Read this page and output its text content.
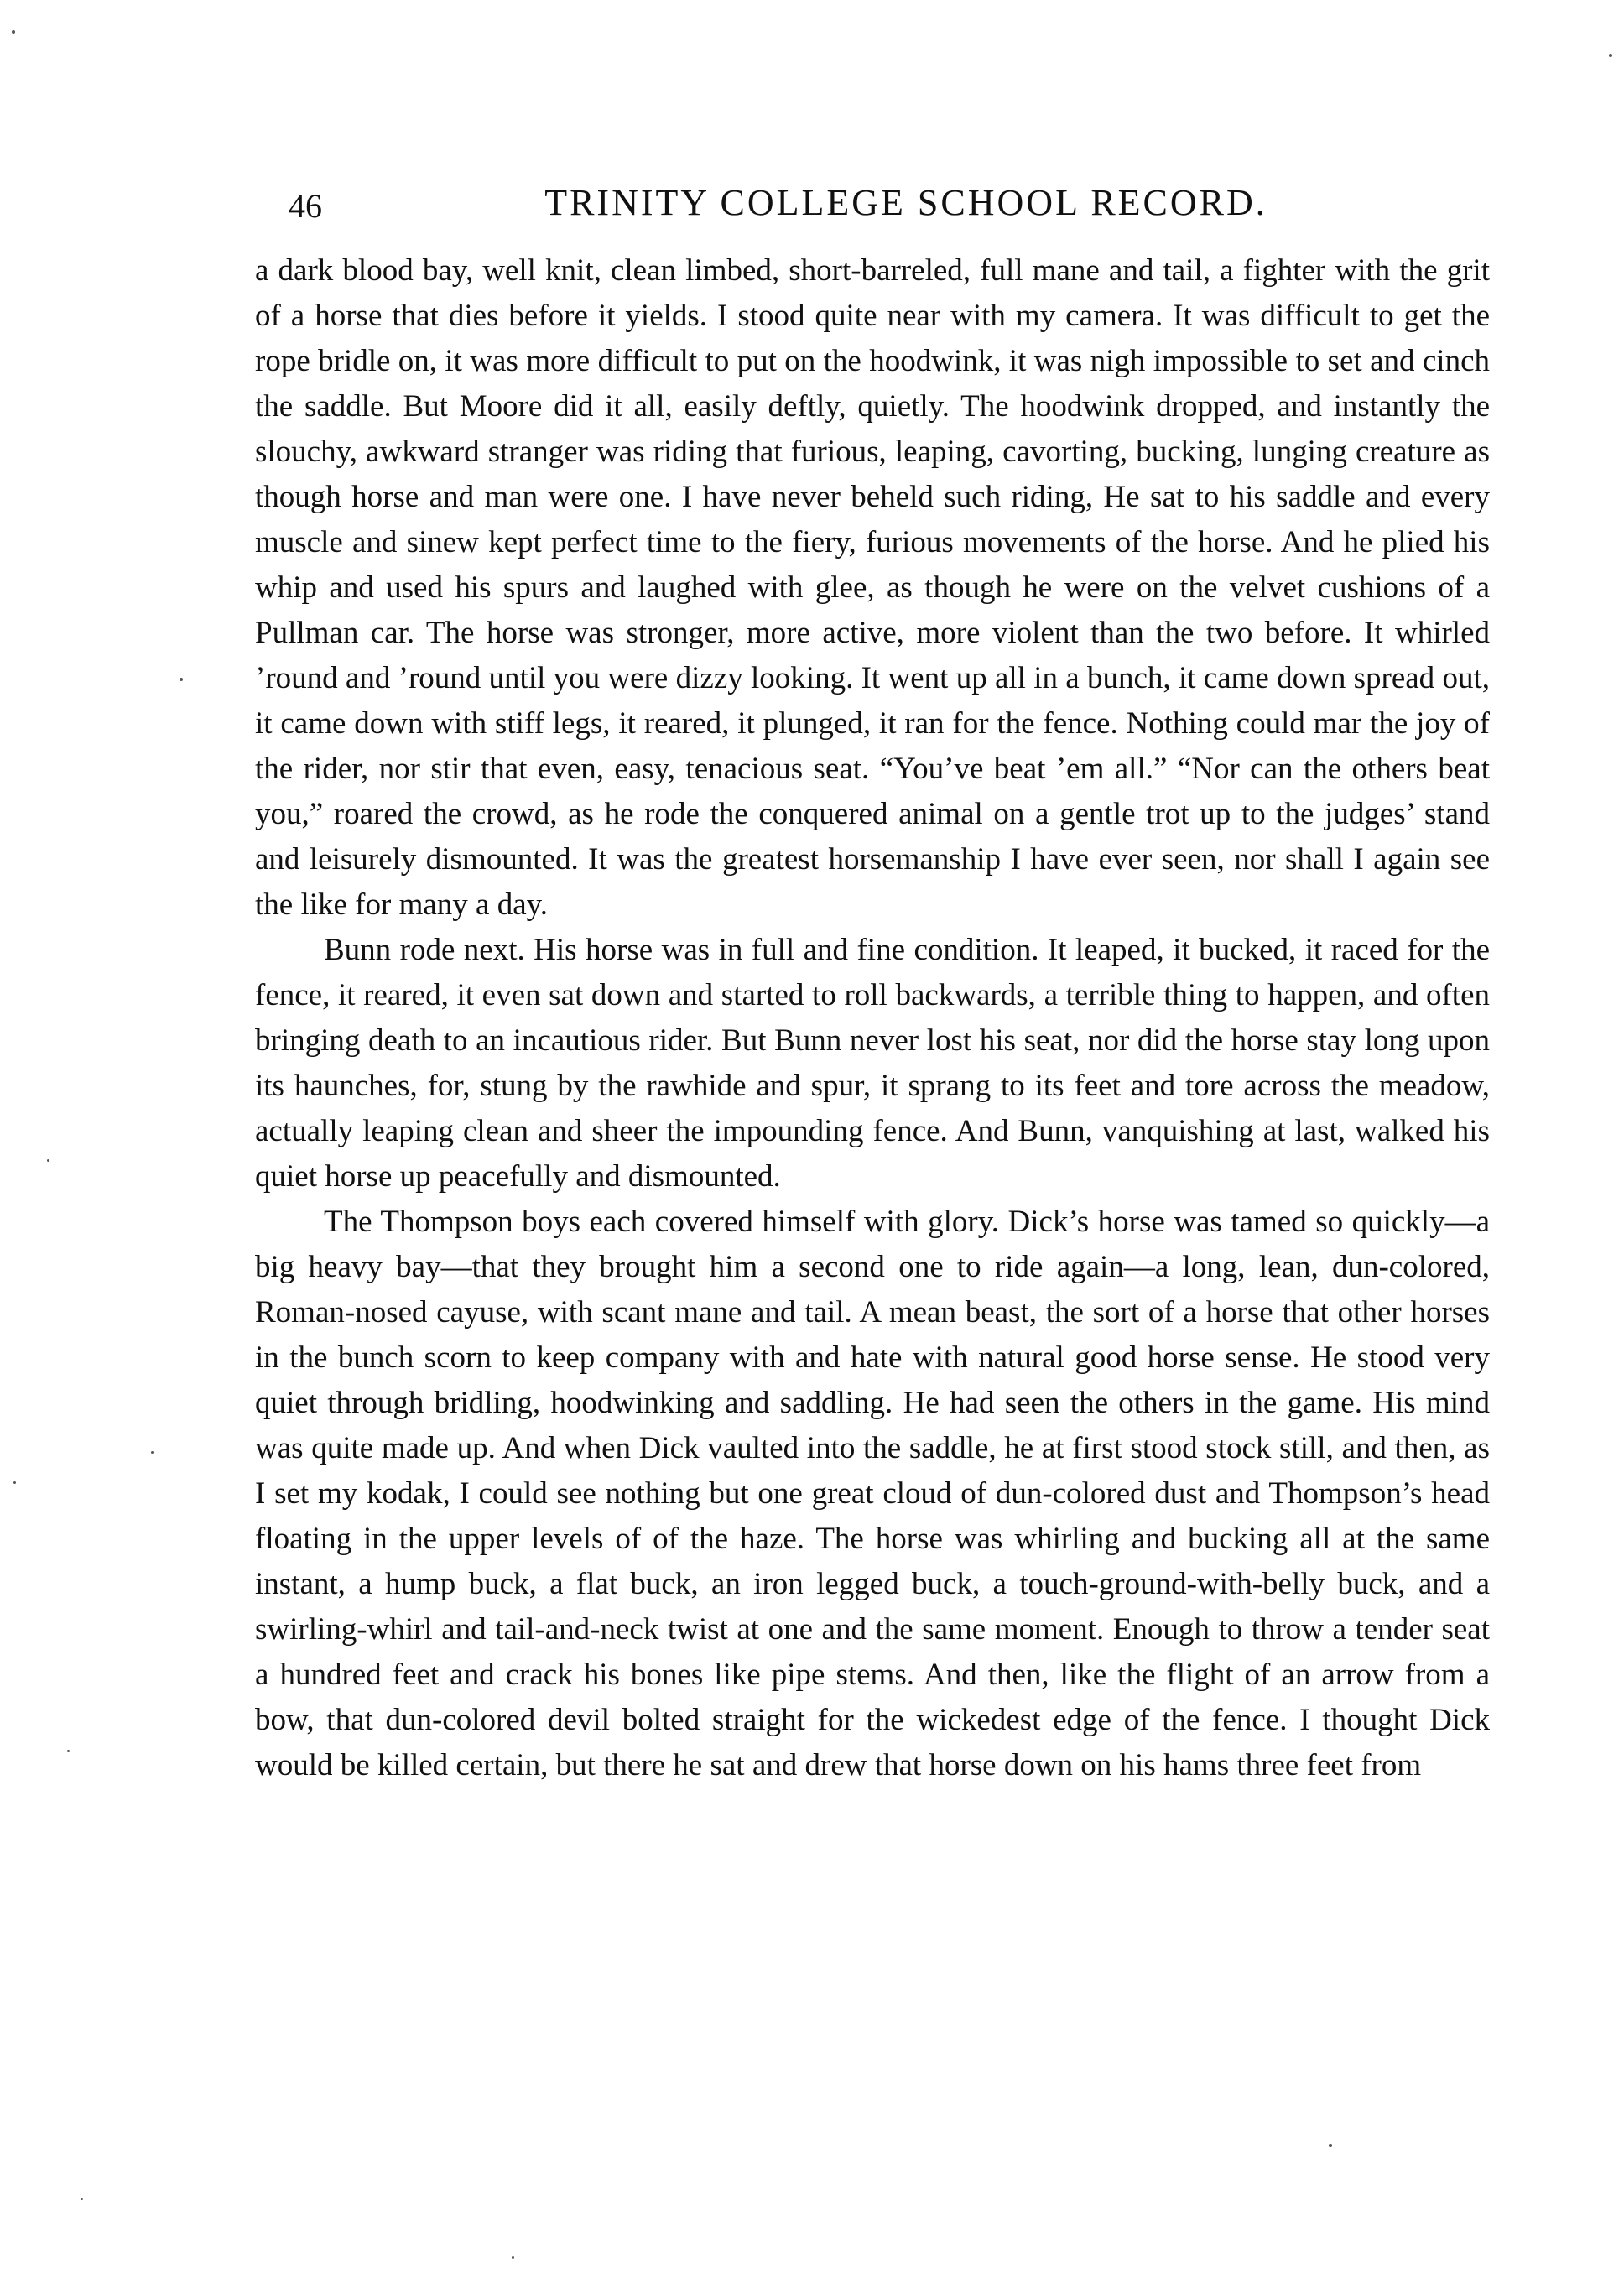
46	TRINITY COLLEGE SCHOOL RECORD.

a dark blood bay, well knit, clean limbed, short-barreled, full mane and tail, a fighter with the grit of a horse that dies before it yields. I stood quite near with my camera. It was difficult to get the rope bridle on, it was more difficult to put on the hoodwink, it was nigh impossible to set and cinch the saddle. But Moore did it all, easily deftly, quietly. The hoodwink dropped, and instantly the slouchy, awkward stranger was riding that furious, leaping, cavorting, bucking, lunging creature as though horse and man were one. I have never beheld such riding, He sat to his saddle and every muscle and sinew kept perfect time to the fiery, furious movements of the horse. And he plied his whip and used his spurs and laughed with glee, as though he were on the velvet cushions of a Pullman car. The horse was stronger, more active, more violent than the two before. It whirled ’round and ’round until you were dizzy looking. It went up all in a bunch, it came down spread out, it came down with stiff legs, it reared, it plunged, it ran for the fence. Nothing could mar the joy of the rider, nor stir that even, easy, tenacious seat. “You’ve beat ’em all.” “Nor can the others beat you,” roared the crowd, as he rode the conquered animal on a gentle trot up to the judges’ stand and leisurely dismounted. It was the greatest horsemanship I have ever seen, nor shall I again see the like for many a day.

Bunn rode next. His horse was in full and fine condition. It leaped, it bucked, it raced for the fence, it reared, it even sat down and started to roll backwards, a terrible thing to happen, and often bringing death to an incautious rider. But Bunn never lost his seat, nor did the horse stay long upon its haunches, for, stung by the rawhide and spur, it sprang to its feet and tore across the meadow, actually leaping clean and sheer the impounding fence. And Bunn, vanquishing at last, walked his quiet horse up peacefully and dismounted.

The Thompson boys each covered himself with glory. Dick’s horse was tamed so quickly—a big heavy bay—that they brought him a second one to ride again—a long, lean, dun-colored, Roman-nosed cayuse, with scant mane and tail. A mean beast, the sort of a horse that other horses in the bunch scorn to keep company with and hate with natural good horse sense. He stood very quiet through bridling, hoodwinking and saddling. He had seen the others in the game. His mind was quite made up. And when Dick vaulted into the saddle, he at first stood stock still, and then, as I set my kodak, I could see nothing but one great cloud of dun-colored dust and Thompson’s head floating in the upper levels of of the haze. The horse was whirling and bucking all at the same instant, a hump buck, a flat buck, an iron legged buck, a touch-ground-with-belly buck, and a swirling-whirl and tail-and-neck twist at one and the same moment. Enough to throw a tender seat a hundred feet and crack his bones like pipe stems. And then, like the flight of an arrow from a bow, that dun-colored devil bolted straight for the wickedest edge of the fence. I thought Dick would be killed certain, but there he sat and drew that horse down on his hams three feet from
